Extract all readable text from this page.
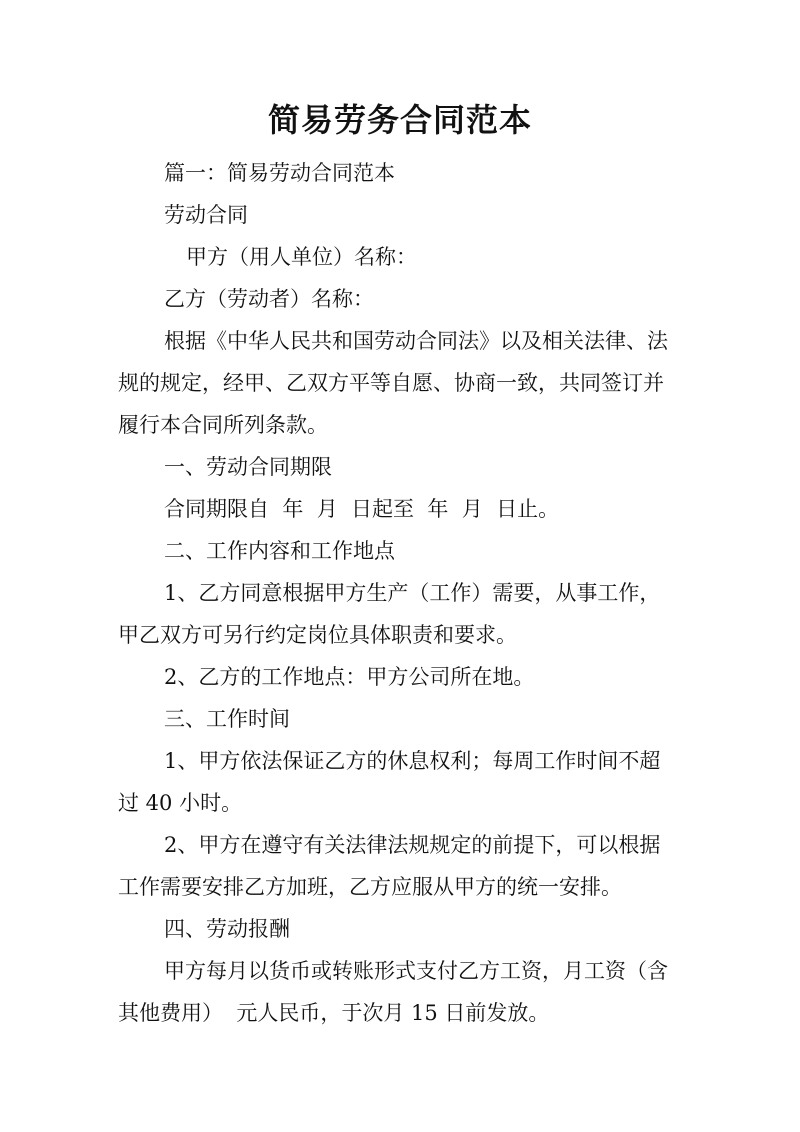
简易劳务合同范本
篇一：简易劳动合同范本
劳动合同
甲方（用人单位）名称：
乙方（劳动者）名称：
根据《中华人民共和国劳动合同法》以及相关法律、法
规的规定，经甲、乙双方平等自愿、协商一致，共同签订并
履行本合同所列条款。
一、劳动合同期限
合同期限自  年  月  日起至  年  月  日止。
二、工作内容和工作地点
1、乙方同意根据甲方生产（工作）需要，从事工作，
甲乙双方可另行约定岗位具体职责和要求。
2、乙方的工作地点：甲方公司所在地。
三、工作时间
1、甲方依法保证乙方的休息权利；每周工作时间不超
过 40 小时。
2、甲方在遵守有关法律法规规定的前提下，可以根据
工作需要安排乙方加班，乙方应服从甲方的统一安排。
四、劳动报酬
甲方每月以货币或转账形式支付乙方工资，月工资（含
其他费用）  元人民币，于次月 15 日前发放。
